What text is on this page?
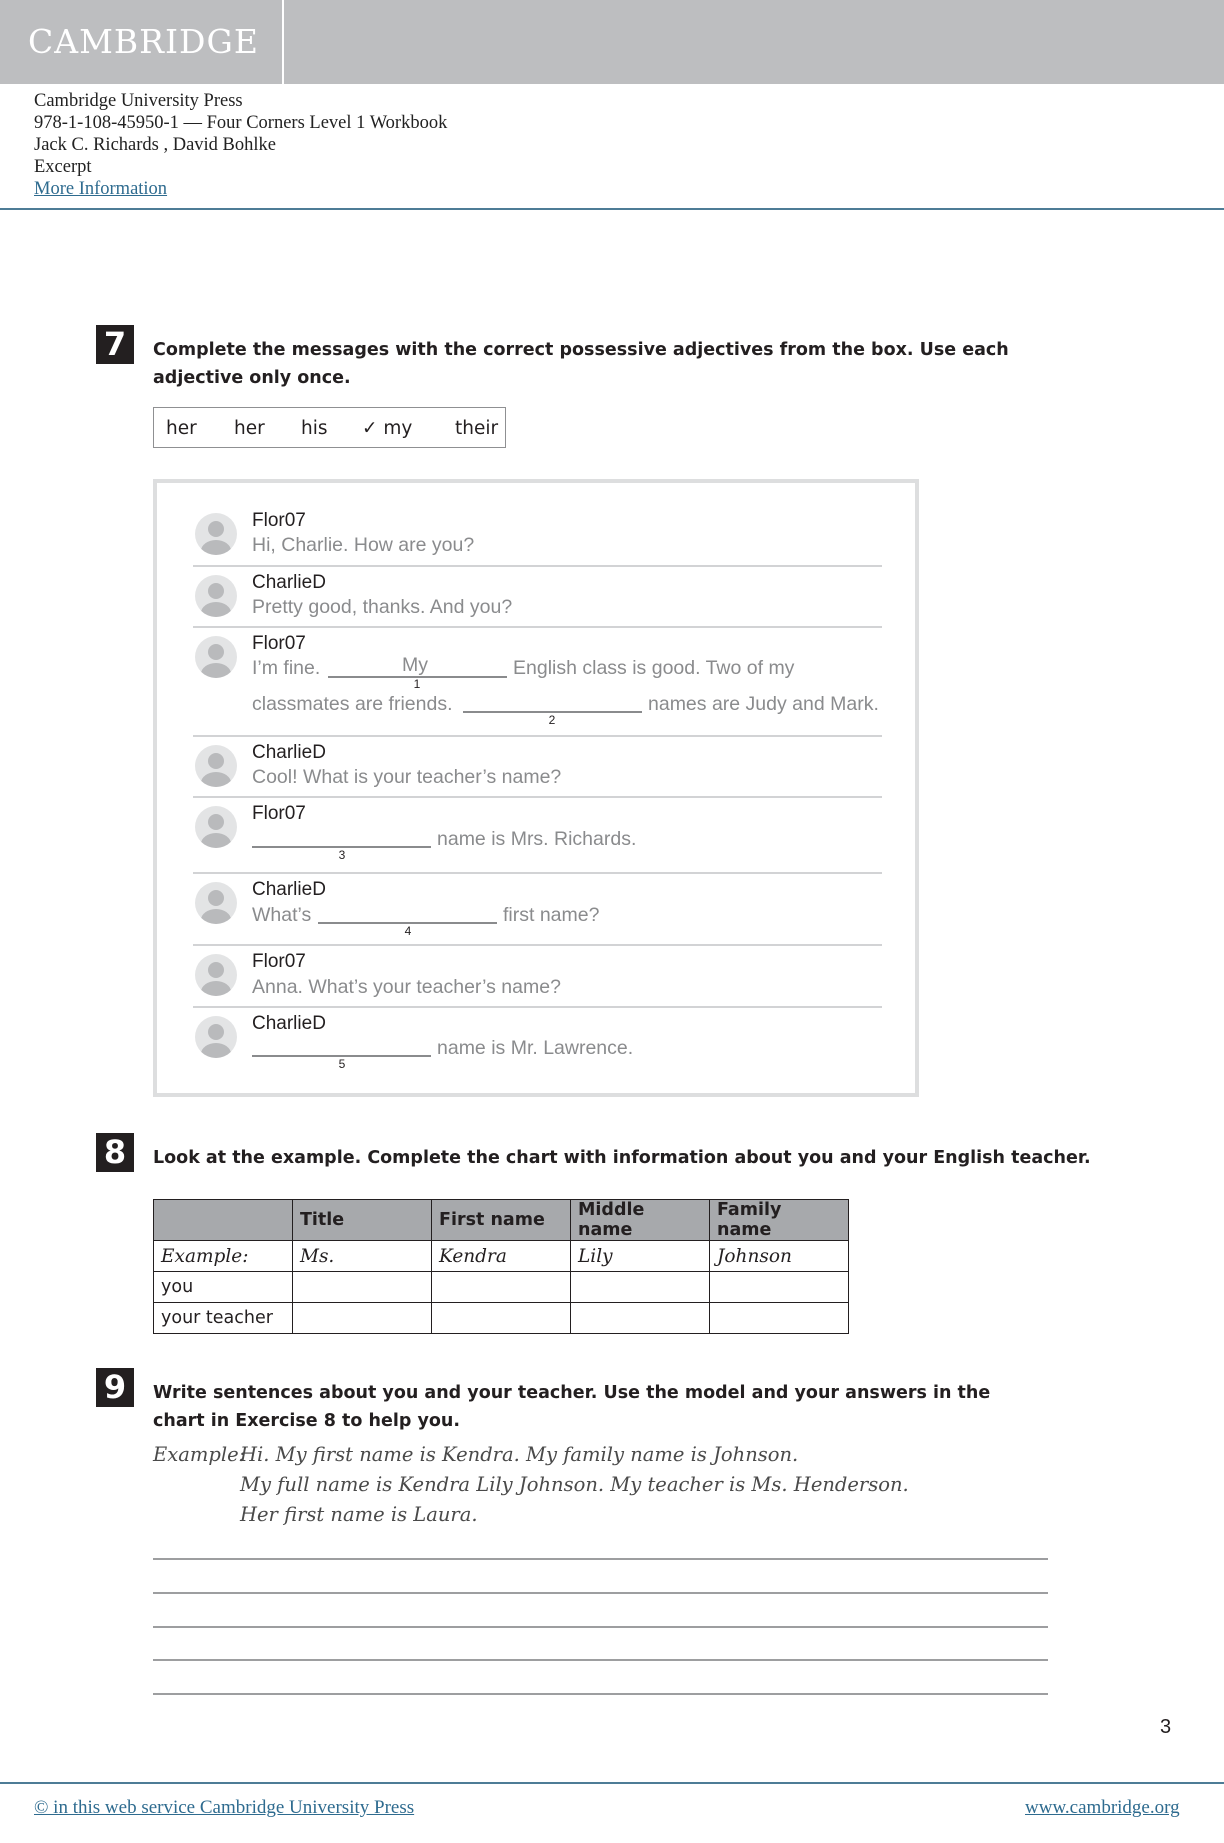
CAMBRIDGE
Cambridge University Press
978-1-108-45950-1 — Four Corners Level 1 Workbook
Jack C. Richards , David Bohlke
Excerpt
More Information
7	Complete the messages with the correct possessive adjectives from the box. Use each
adjective only once.
her her his ✓ my their
Flor07
Hi, Charlie. How are you?
CharlieD
Pretty good, thanks. And you?
Flor07
I’m fine.	My
1
English class is good. Two of my
classmates are friends.
2
names are Judy and Mark.
CharlieD
Cool! What is your teacher’s name?
Flor07
3
name is Mrs. Richards.
CharlieD
What’s
4
first name?
Flor07
Anna. What’s your teacher’s name?
CharlieD
5
name is Mr. Lawrence.
8	Look at the example. Complete the chart with information about you and your English teacher.
	Title	First name	Middle name	Family name
Example:	Ms.	Kendra	Lily	Johnson
you				
your teacher				
9	Write sentences about you and your teacher. Use the model and your answers in the
chart in Exercise 8 to help you.
Example:
Hi. My first name is Kendra. My family name is Johnson.
My full name is Kendra Lily Johnson. My teacher is Ms. Henderson.
Her first name is Laura.
3
© in this web service Cambridge University Press	www.cambridge.org
